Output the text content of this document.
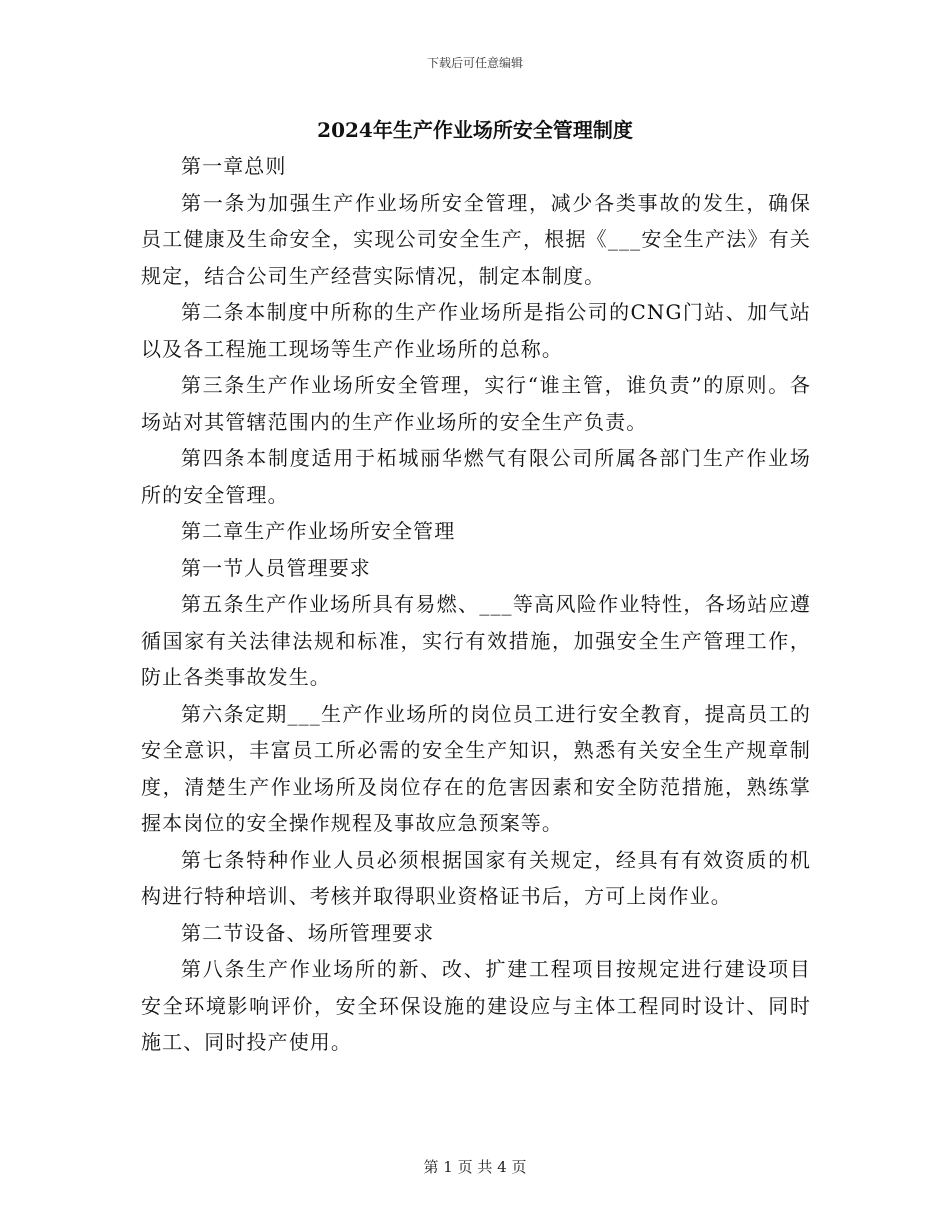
下载后可任意编辑
2024年生产作业场所安全管理制度

第一章总则

第一条为加强生产作业场所安全管理，减少各类事故的发生，确保员工健康及生命安全，实现公司安全生产，根据《___安全生产法》有关规定，结合公司生产经营实际情况，制定本制度。

第二条本制度中所称的生产作业场所是指公司的CNG门站、加气站以及各工程施工现场等生产作业场所的总称。

第三条生产作业场所安全管理，实行“谁主管，谁负责”的原则。各场站对其管辖范围内的生产作业场所的安全生产负责。

第四条本制度适用于柘城丽华燃气有限公司所属各部门生产作业场所的安全管理。

第二章生产作业场所安全管理

第一节人员管理要求

第五条生产作业场所具有易燃、___等高风险作业特性，各场站应遵循国家有关法律法规和标准，实行有效措施，加强安全生产管理工作，防止各类事故发生。

第六条定期___生产作业场所的岗位员工进行安全教育，提高员工的安全意识，丰富员工所必需的安全生产知识，熟悉有关安全生产规章制度，清楚生产作业场所及岗位存在的危害因素和安全防范措施，熟练掌握本岗位的安全操作规程及事故应急预案等。

第七条特种作业人员必须根据国家有关规定，经具有有效资质的机构进行特种培训、考核并取得职业资格证书后，方可上岗作业。

第二节设备、场所管理要求

第八条生产作业场所的新、改、扩建工程项目按规定进行建设项目安全环境影响评价，安全环保设施的建设应与主体工程同时设计、同时施工、同时投产使用。

第 1 页 共 4 页
